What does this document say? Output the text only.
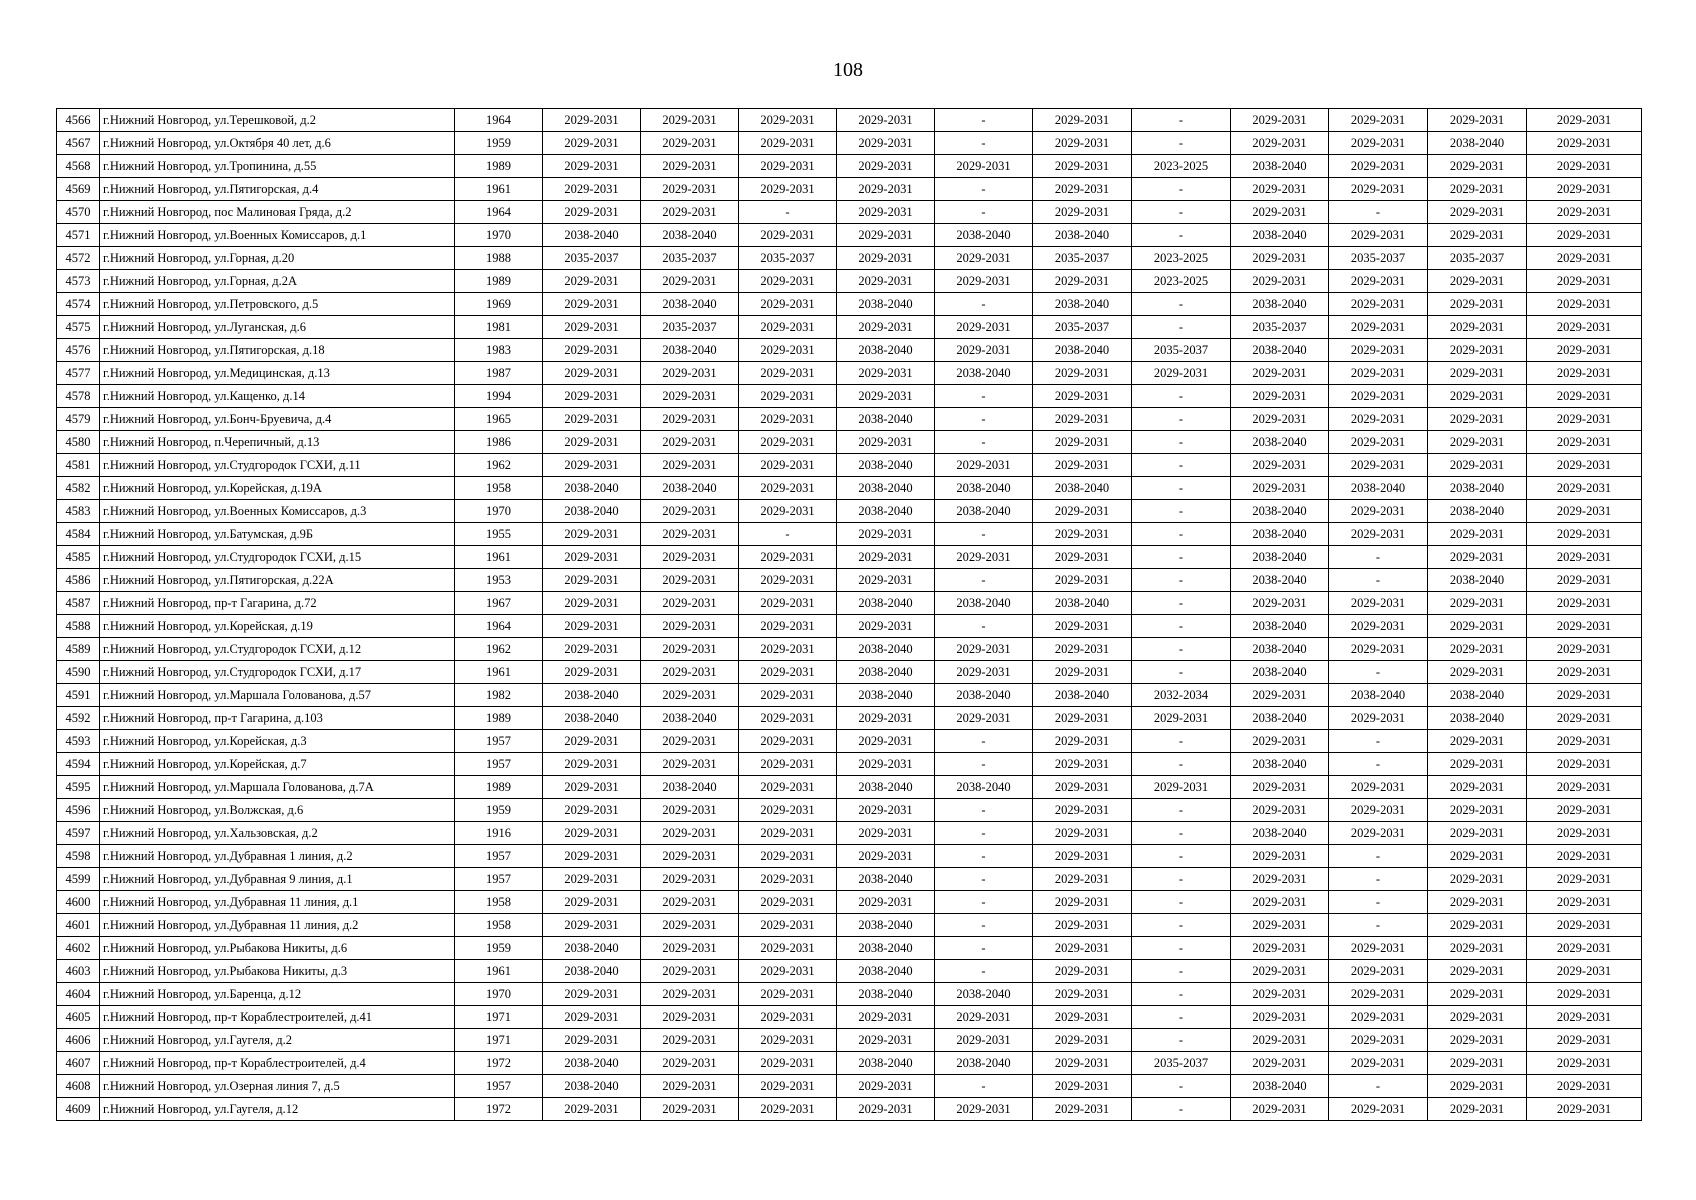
108
4566	г.Нижний Новгород, ул.Терешковой, д.2	1964	2029-2031	2029-2031	2029-2031	2029-2031	-	2029-2031	-	2029-2031	2029-2031	2029-2031	2029-2031
4567	г.Нижний Новгород, ул.Октября 40 лет, д.6	1959	2029-2031	2029-2031	2029-2031	2029-2031	-	2029-2031	-	2029-2031	2029-2031	2038-2040	2029-2031
4568	г.Нижний Новгород, ул.Тропинина, д.55	1989	2029-2031	2029-2031	2029-2031	2029-2031	2029-2031	2029-2031	2023-2025	2038-2040	2029-2031	2029-2031	2029-2031
4569	г.Нижний Новгород, ул.Пятигорская, д.4	1961	2029-2031	2029-2031	2029-2031	2029-2031	-	2029-2031	-	2029-2031	2029-2031	2029-2031	2029-2031
4570	г.Нижний Новгород, пос Малиновая Гряда, д.2	1964	2029-2031	2029-2031	-	2029-2031	-	2029-2031	-	2029-2031	-	2029-2031	2029-2031
4571	г.Нижний Новгород, ул.Военных Комиссаров, д.1	1970	2038-2040	2038-2040	2029-2031	2029-2031	2038-2040	2038-2040	-	2038-2040	2029-2031	2029-2031	2029-2031
4572	г.Нижний Новгород, ул.Горная, д.20	1988	2035-2037	2035-2037	2035-2037	2029-2031	2029-2031	2035-2037	2023-2025	2029-2031	2035-2037	2035-2037	2029-2031
4573	г.Нижний Новгород, ул.Горная, д.2А	1989	2029-2031	2029-2031	2029-2031	2029-2031	2029-2031	2029-2031	2023-2025	2029-2031	2029-2031	2029-2031	2029-2031
4574	г.Нижний Новгород, ул.Петровского, д.5	1969	2029-2031	2038-2040	2029-2031	2038-2040	-	2038-2040	-	2038-2040	2029-2031	2029-2031	2029-2031
4575	г.Нижний Новгород, ул.Луганская, д.6	1981	2029-2031	2035-2037	2029-2031	2029-2031	2029-2031	2035-2037	-	2035-2037	2029-2031	2029-2031	2029-2031
4576	г.Нижний Новгород, ул.Пятигорская, д.18	1983	2029-2031	2038-2040	2029-2031	2038-2040	2029-2031	2038-2040	2035-2037	2038-2040	2029-2031	2029-2031	2029-2031
4577	г.Нижний Новгород, ул.Медицинская, д.13	1987	2029-2031	2029-2031	2029-2031	2029-2031	2038-2040	2029-2031	2029-2031	2029-2031	2029-2031	2029-2031	2029-2031
4578	г.Нижний Новгород, ул.Кащенко, д.14	1994	2029-2031	2029-2031	2029-2031	2029-2031	-	2029-2031	-	2029-2031	2029-2031	2029-2031	2029-2031
4579	г.Нижний Новгород, ул.Бонч-Бруевича, д.4	1965	2029-2031	2029-2031	2029-2031	2038-2040	-	2029-2031	-	2029-2031	2029-2031	2029-2031	2029-2031
4580	г.Нижний Новгород, п.Черепичный, д.13	1986	2029-2031	2029-2031	2029-2031	2029-2031	-	2029-2031	-	2038-2040	2029-2031	2029-2031	2029-2031
4581	г.Нижний Новгород, ул.Студгородок ГСХИ, д.11	1962	2029-2031	2029-2031	2029-2031	2038-2040	2029-2031	2029-2031	-	2029-2031	2029-2031	2029-2031	2029-2031
4582	г.Нижний Новгород, ул.Корейская, д.19А	1958	2038-2040	2038-2040	2029-2031	2038-2040	2038-2040	2038-2040	-	2029-2031	2038-2040	2038-2040	2029-2031
4583	г.Нижний Новгород, ул.Военных Комиссаров, д.3	1970	2038-2040	2029-2031	2029-2031	2038-2040	2038-2040	2029-2031	-	2038-2040	2029-2031	2038-2040	2029-2031
4584	г.Нижний Новгород, ул.Батумская, д.9Б	1955	2029-2031	2029-2031	-	2029-2031	-	2029-2031	-	2038-2040	2029-2031	2029-2031	2029-2031
4585	г.Нижний Новгород, ул.Студгородок ГСХИ, д.15	1961	2029-2031	2029-2031	2029-2031	2029-2031	2029-2031	2029-2031	-	2038-2040	-	2029-2031	2029-2031
4586	г.Нижний Новгород, ул.Пятигорская, д.22А	1953	2029-2031	2029-2031	2029-2031	2029-2031	-	2029-2031	-	2038-2040	-	2038-2040	2029-2031
4587	г.Нижний Новгород, пр-т Гагарина, д.72	1967	2029-2031	2029-2031	2029-2031	2038-2040	2038-2040	2038-2040	-	2029-2031	2029-2031	2029-2031	2029-2031
4588	г.Нижний Новгород, ул.Корейская, д.19	1964	2029-2031	2029-2031	2029-2031	2029-2031	-	2029-2031	-	2038-2040	2029-2031	2029-2031	2029-2031
4589	г.Нижний Новгород, ул.Студгородок ГСХИ, д.12	1962	2029-2031	2029-2031	2029-2031	2038-2040	2029-2031	2029-2031	-	2038-2040	2029-2031	2029-2031	2029-2031
4590	г.Нижний Новгород, ул.Студгородок ГСХИ, д.17	1961	2029-2031	2029-2031	2029-2031	2038-2040	2029-2031	2029-2031	-	2038-2040	-	2029-2031	2029-2031
4591	г.Нижний Новгород, ул.Маршала Голованова, д.57	1982	2038-2040	2029-2031	2029-2031	2038-2040	2038-2040	2038-2040	2032-2034	2029-2031	2038-2040	2038-2040	2029-2031
4592	г.Нижний Новгород, пр-т Гагарина, д.103	1989	2038-2040	2038-2040	2029-2031	2029-2031	2029-2031	2029-2031	2029-2031	2038-2040	2029-2031	2038-2040	2029-2031
4593	г.Нижний Новгород, ул.Корейская, д.3	1957	2029-2031	2029-2031	2029-2031	2029-2031	-	2029-2031	-	2029-2031	-	2029-2031	2029-2031
4594	г.Нижний Новгород, ул.Корейская, д.7	1957	2029-2031	2029-2031	2029-2031	2029-2031	-	2029-2031	-	2038-2040	-	2029-2031	2029-2031
4595	г.Нижний Новгород, ул.Маршала Голованова, д.7А	1989	2029-2031	2038-2040	2029-2031	2038-2040	2038-2040	2029-2031	2029-2031	2029-2031	2029-2031	2029-2031	2029-2031
4596	г.Нижний Новгород, ул.Волжская, д.6	1959	2029-2031	2029-2031	2029-2031	2029-2031	-	2029-2031	-	2029-2031	2029-2031	2029-2031	2029-2031
4597	г.Нижний Новгород, ул.Хальзовская, д.2	1916	2029-2031	2029-2031	2029-2031	2029-2031	-	2029-2031	-	2038-2040	2029-2031	2029-2031	2029-2031
4598	г.Нижний Новгород, ул.Дубравная 1 линия, д.2	1957	2029-2031	2029-2031	2029-2031	2029-2031	-	2029-2031	-	2029-2031	-	2029-2031	2029-2031
4599	г.Нижний Новгород, ул.Дубравная 9 линия, д.1	1957	2029-2031	2029-2031	2029-2031	2038-2040	-	2029-2031	-	2029-2031	-	2029-2031	2029-2031
4600	г.Нижний Новгород, ул.Дубравная 11 линия, д.1	1958	2029-2031	2029-2031	2029-2031	2029-2031	-	2029-2031	-	2029-2031	-	2029-2031	2029-2031
4601	г.Нижний Новгород, ул.Дубравная 11 линия, д.2	1958	2029-2031	2029-2031	2029-2031	2038-2040	-	2029-2031	-	2029-2031	-	2029-2031	2029-2031
4602	г.Нижний Новгород, ул.Рыбакова Никиты, д.6	1959	2038-2040	2029-2031	2029-2031	2038-2040	-	2029-2031	-	2029-2031	2029-2031	2029-2031	2029-2031
4603	г.Нижний Новгород, ул.Рыбакова Никиты, д.3	1961	2038-2040	2029-2031	2029-2031	2038-2040	-	2029-2031	-	2029-2031	2029-2031	2029-2031	2029-2031
4604	г.Нижний Новгород, ул.Баренца, д.12	1970	2029-2031	2029-2031	2029-2031	2038-2040	2038-2040	2029-2031	-	2029-2031	2029-2031	2029-2031	2029-2031
4605	г.Нижний Новгород, пр-т Кораблестроителей, д.41	1971	2029-2031	2029-2031	2029-2031	2029-2031	2029-2031	2029-2031	-	2029-2031	2029-2031	2029-2031	2029-2031
4606	г.Нижний Новгород, ул.Гаугеля, д.2	1971	2029-2031	2029-2031	2029-2031	2029-2031	2029-2031	2029-2031	-	2029-2031	2029-2031	2029-2031	2029-2031
4607	г.Нижний Новгород, пр-т Кораблестроителей, д.4	1972	2038-2040	2029-2031	2029-2031	2038-2040	2038-2040	2029-2031	2035-2037	2029-2031	2029-2031	2029-2031	2029-2031
4608	г.Нижний Новгород, ул.Озерная линия 7, д.5	1957	2038-2040	2029-2031	2029-2031	2029-2031	-	2029-2031	-	2038-2040	-	2029-2031	2029-2031
4609	г.Нижний Новгород, ул.Гаугеля, д.12	1972	2029-2031	2029-2031	2029-2031	2029-2031	2029-2031	2029-2031	-	2029-2031	2029-2031	2029-2031	2029-2031
